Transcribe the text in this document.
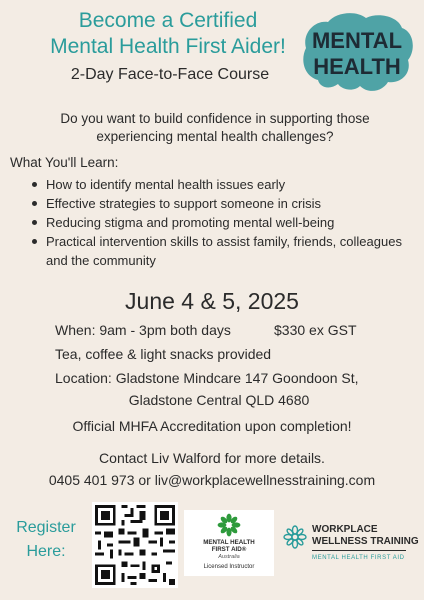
Become a Certified
Mental Health First Aider!
2-Day Face-to-Face Course
MENTAL
HEALTH
Do you want to build confidence in supporting those experiencing mental health challenges?
What You'll Learn:
How to identify mental health issues early
Effective strategies to support someone in crisis
Reducing stigma and promoting mental well-being
Practical intervention skills to assist family, friends, colleagues and the community
June 4 & 5, 2025
When: 9am - 3pm both days	$330 ex GST
Tea, coffee & light snacks provided
Location: Gladstone Mindcare 147 Goondoon St,
Gladstone Central QLD 4680
Official MHFA Accreditation upon completion!
Contact Liv Walford for more details.
0405 401 973 or liv@workplacewellnesstraining.com
Register
Here:
MENTAL HEALTH
FIRST AID®
Australia
Licensed Instructor
WORKPLACE
WELLNESS TRAINING
MENTAL HEALTH FIRST AID
